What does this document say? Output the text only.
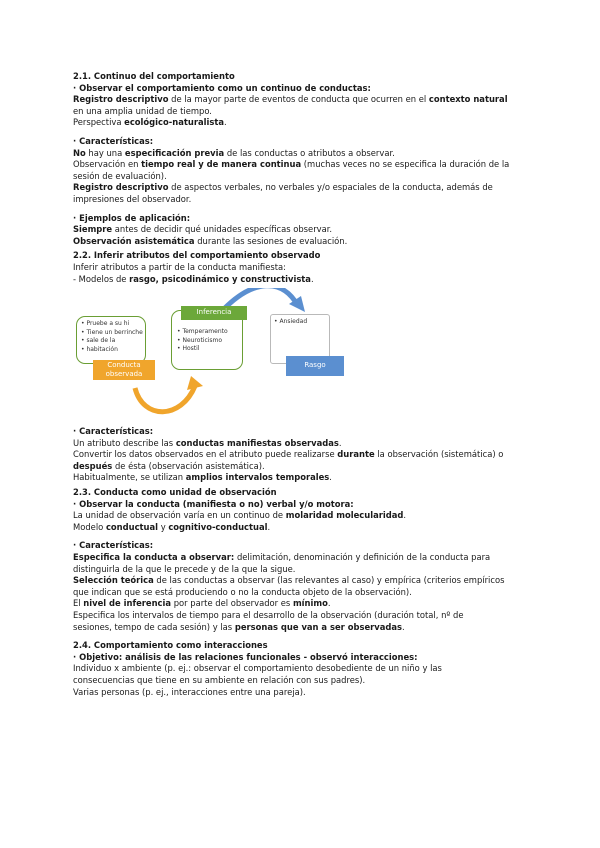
2.1. Continuo del comportamiento

· Observar el comportamiento como un continuo de conductas:

Registro descriptivo de la mayor parte de eventos de conducta que ocurren en el contexto natural

en una amplia unidad de tiempo.

Perspectiva ecológico-naturalista.

· Características:

No hay una especificación previa de las conductas o atributos a observar.

Observación en tiempo real y de manera continua (muchas veces no se especifica la duración de la

sesión de evaluación).

Registro descriptivo de aspectos verbales, no verbales y/o espaciales de la conducta, además de

impresiones del observador.

· Ejemplos de aplicación:

Siempre antes de decidir qué unidades específicas observar.

Observación asistemática durante las sesiones de evaluación.

2.2. Inferir atributos del comportamiento observado

Inferir atributos a partir de la conducta manifiesta:

- Modelos de rasgo, psicodinámico y constructivista.

• Pruebe a su hi
• Tiene un berrinche
• sale de la
• habitación
Conducta observada
Inferencia
• Temperamento
• Neuroticismo
• Hostil
• Ansiedad
Rasgo

· Características:

Un atributo describe las conductas manifiestas observadas.

Convertir los datos observados en el atributo puede realizarse durante la observación (sistemática) o

después de ésta (observación asistemática).

Habitualmente, se utilizan amplios intervalos temporales.

2.3. Conducta como unidad de observación

· Observar la conducta (manifiesta o no) verbal y/o motora:

La unidad de observación varía en un continuo de molaridad molecularidad.

Modelo conductual y cognitivo-conductual.

· Características:

Especifica la conducta a observar: delimitación, denominación y definición de la conducta para

distinguirla de la que le precede y de la que la sigue.

Selección teórica de las conductas a observar (las relevantes al caso) y empírica (criterios empíricos

que indican que se está produciendo o no la conducta objeto de la observación).

El nivel de inferencia por parte del observador es mínimo.

Especifica los intervalos de tiempo para el desarrollo de la observación (duración total, nº de

sesiones, tempo de cada sesión) y las personas que van a ser observadas.

2.4. Comportamiento como interacciones

· Objetivo: análisis de las relaciones funcionales - observó interacciones:

Individuo x ambiente (p. ej.: observar el comportamiento desobediente de un niño y las

consecuencias que tiene en su ambiente en relación con sus padres).

Varias personas (p. ej., interacciones entre una pareja).
